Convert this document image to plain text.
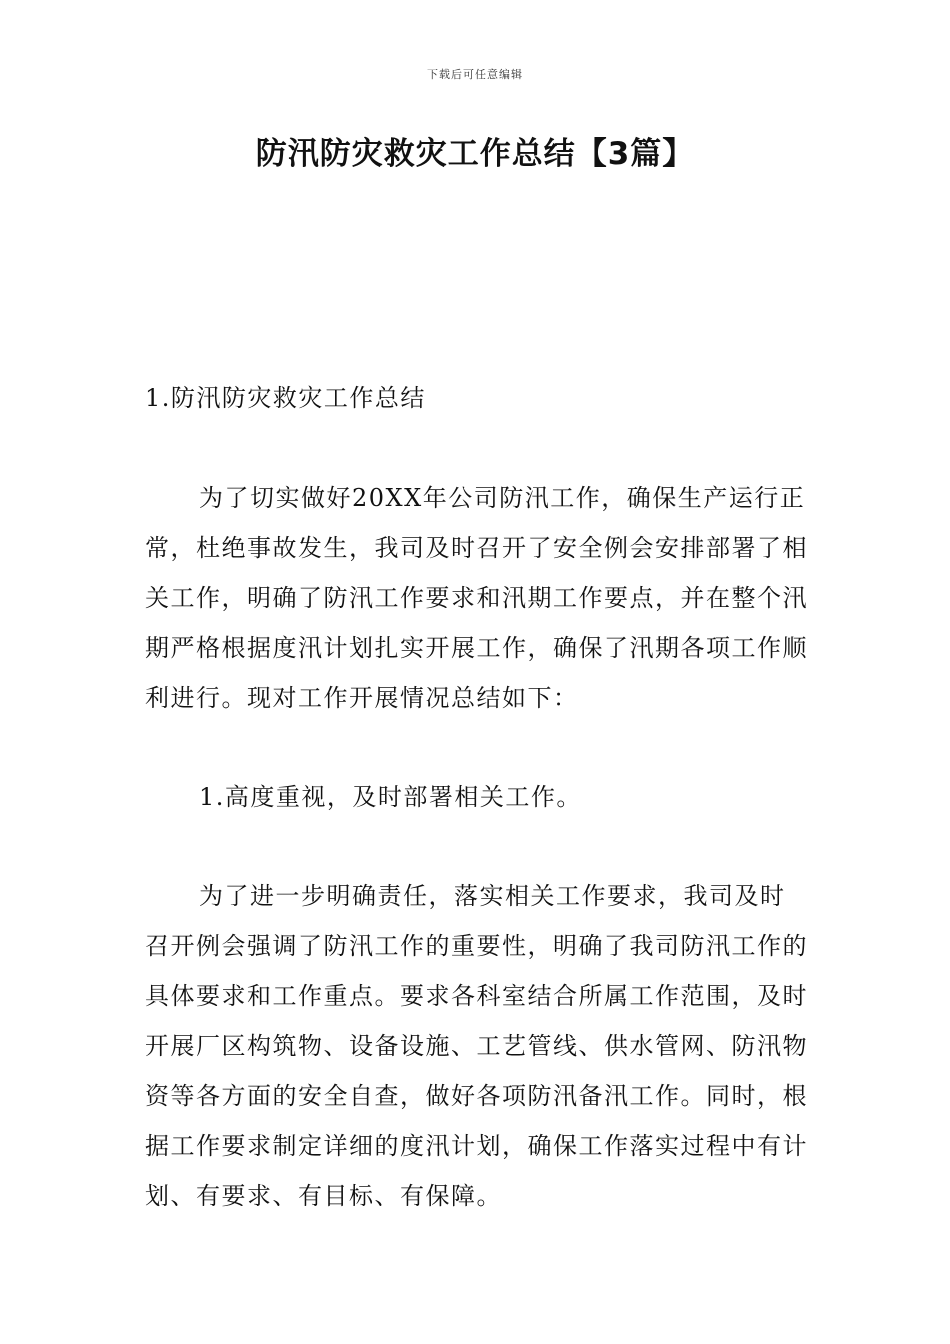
下载后可任意编辑
防汛防灾救灾工作总结【3篇】

1.防汛防灾救灾工作总结

为了切实做好20XX年公司防汛工作，确保生产运行正常，杜绝事故发生，我司及时召开了安全例会安排部署了相关工作，明确了防汛工作要求和汛期工作要点，并在整个汛期严格根据度汛计划扎实开展工作，确保了汛期各项工作顺利进行。现对工作开展情况总结如下：

1.高度重视，及时部署相关工作。

为了进一步明确责任，落实相关工作要求，我司及时召开例会强调了防汛工作的重要性，明确了我司防汛工作的具体要求和工作重点。要求各科室结合所属工作范围，及时开展厂区构筑物、设备设施、工艺管线、供水管网、防汛物资等各方面的安全自查，做好各项防汛备汛工作。同时，根据工作要求制定详细的度汛计划，确保工作落实过程中有计划、有要求、有目标、有保障。
